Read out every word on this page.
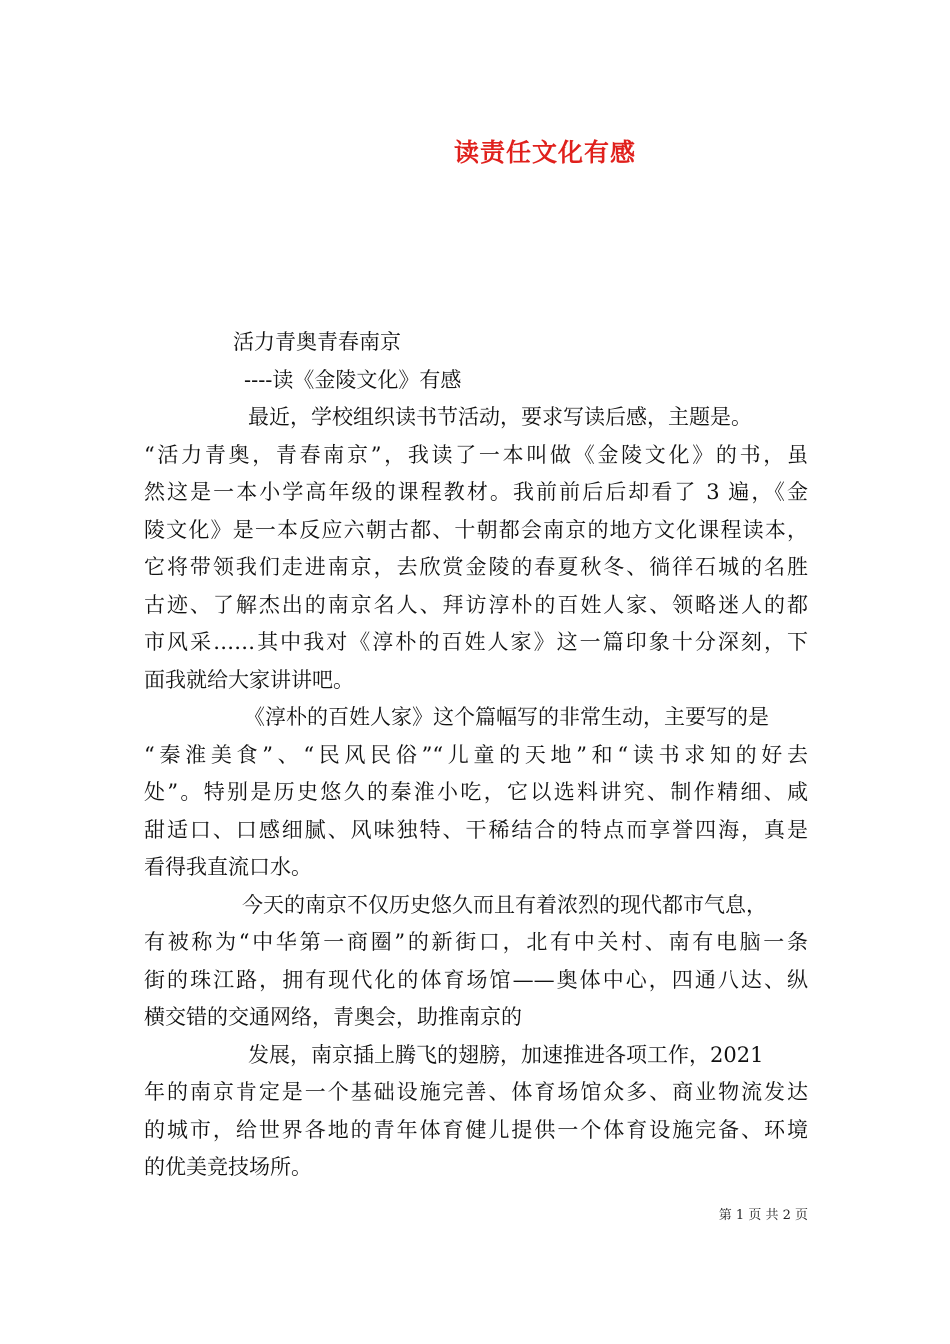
读责任文化有感
活力青奥青春南京
----读《金陵文化》有感
最近，学校组织读书节活动，要求写读后感，主题是。
“活力青奥，青春南京”，我读了一本叫做《金陵文化》的书，虽
然这是一本小学高年级的课程教材。我前前后后却看了 3 遍，《金
陵文化》是一本反应六朝古都、十朝都会南京的地方文化课程读本，
它将带领我们走进南京，去欣赏金陵的春夏秋冬、徜徉石城的名胜
古迹、了解杰出的南京名人、拜访淳朴的百姓人家、领略迷人的都
市风采……其中我对《淳朴的百姓人家》这一篇印象十分深刻，下
面我就给大家讲讲吧。
《淳朴的百姓人家》这个篇幅写的非常生动，主要写的是
“秦淮美食”、“民风民俗”“儿童的天地”和“读书求知的好去
处”。特别是历史悠久的秦淮小吃，它以选料讲究、制作精细、咸
甜适口、口感细腻、风味独特、干稀结合的特点而享誉四海，真是
看得我直流口水。
今天的南京不仅历史悠久而且有着浓烈的现代都市气息，
有被称为“中华第一商圈”的新街口，北有中关村、南有电脑一条
街的珠江路，拥有现代化的体育场馆——奥体中心，四通八达、纵
横交错的交通网络，青奥会，助推南京的
发展，南京插上腾飞的翅膀，加速推进各项工作，2021
年的南京肯定是一个基础设施完善、体育场馆众多、商业物流发达
的城市，给世界各地的青年体育健儿提供一个体育设施完备、环境
的优美竞技场所。
第 1 页 共 2 页
